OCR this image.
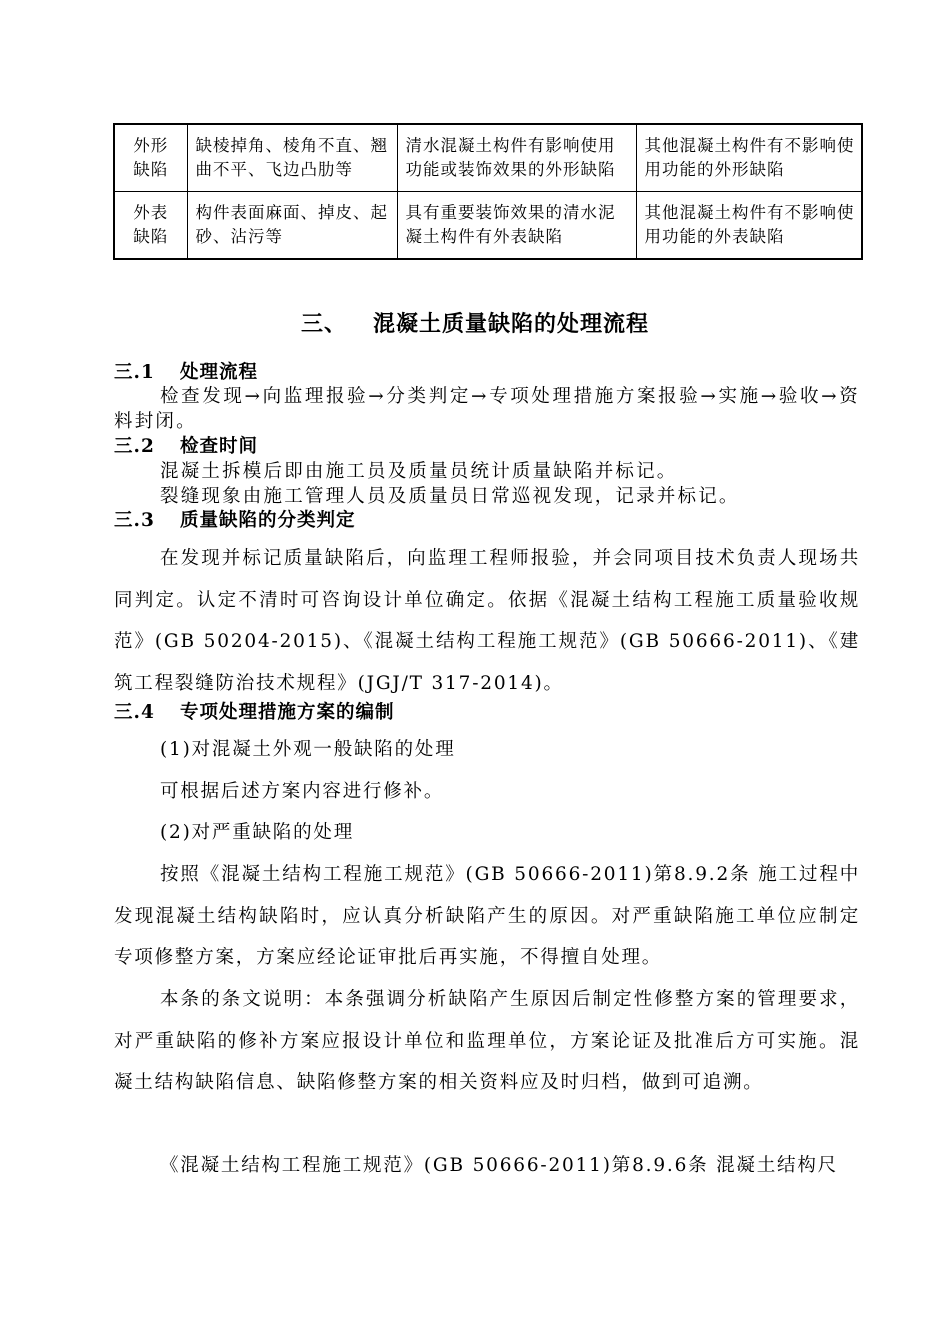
外形
缺陷	缺棱掉角、棱角不直、翘曲不平、飞边凸肋等	清水混凝土构件有影响使用功能或装饰效果的外形缺陷	其他混凝土构件有不影响使用功能的外形缺陷
外表
缺陷	构件表面麻面、掉皮、起砂、沾污等	具有重要装饰效果的清水泥凝土构件有外表缺陷	其他混凝土构件有不影响使用功能的外表缺陷
三、 混凝土质量缺陷的处理流程
三.1 处理流程

检查发现→向监理报验→分类判定→专项处理措施方案报验→实施→验收→资料封闭。

三.2 检查时间

混凝土拆模后即由施工员及质量员统计质量缺陷并标记。

裂缝现象由施工管理人员及质量员日常巡视发现，记录并标记。

三.3 质量缺陷的分类判定

在发现并标记质量缺陷后，向监理工程师报验，并会同项目技术负责人现场共同判定。认定不清时可咨询设计单位确定。依据《混凝土结构工程施工质量验收规范》(GB 50204-2015)、《混凝土结构工程施工规范》(GB 50666-2011)、《建筑工程裂缝防治技术规程》(JGJ/T 317-2014)。

三.4 专项处理措施方案的编制

(1)对混凝土外观一般缺陷的处理

可根据后述方案内容进行修补。

(2)对严重缺陷的处理

按照《混凝土结构工程施工规范》(GB 50666-2011)第8.9.2条 施工过程中发现混凝土结构缺陷时，应认真分析缺陷产生的原因。对严重缺陷施工单位应制定专项修整方案，方案应经论证审批后再实施，不得擅自处理。

本条的条文说明：本条强调分析缺陷产生原因后制定性修整方案的管理要求，对严重缺陷的修补方案应报设计单位和监理单位，方案论证及批准后方可实施。混凝土结构缺陷信息、缺陷修整方案的相关资料应及时归档，做到可追溯。

《混凝土结构工程施工规范》(GB 50666-2011)第8.9.6条 混凝土结构尺
